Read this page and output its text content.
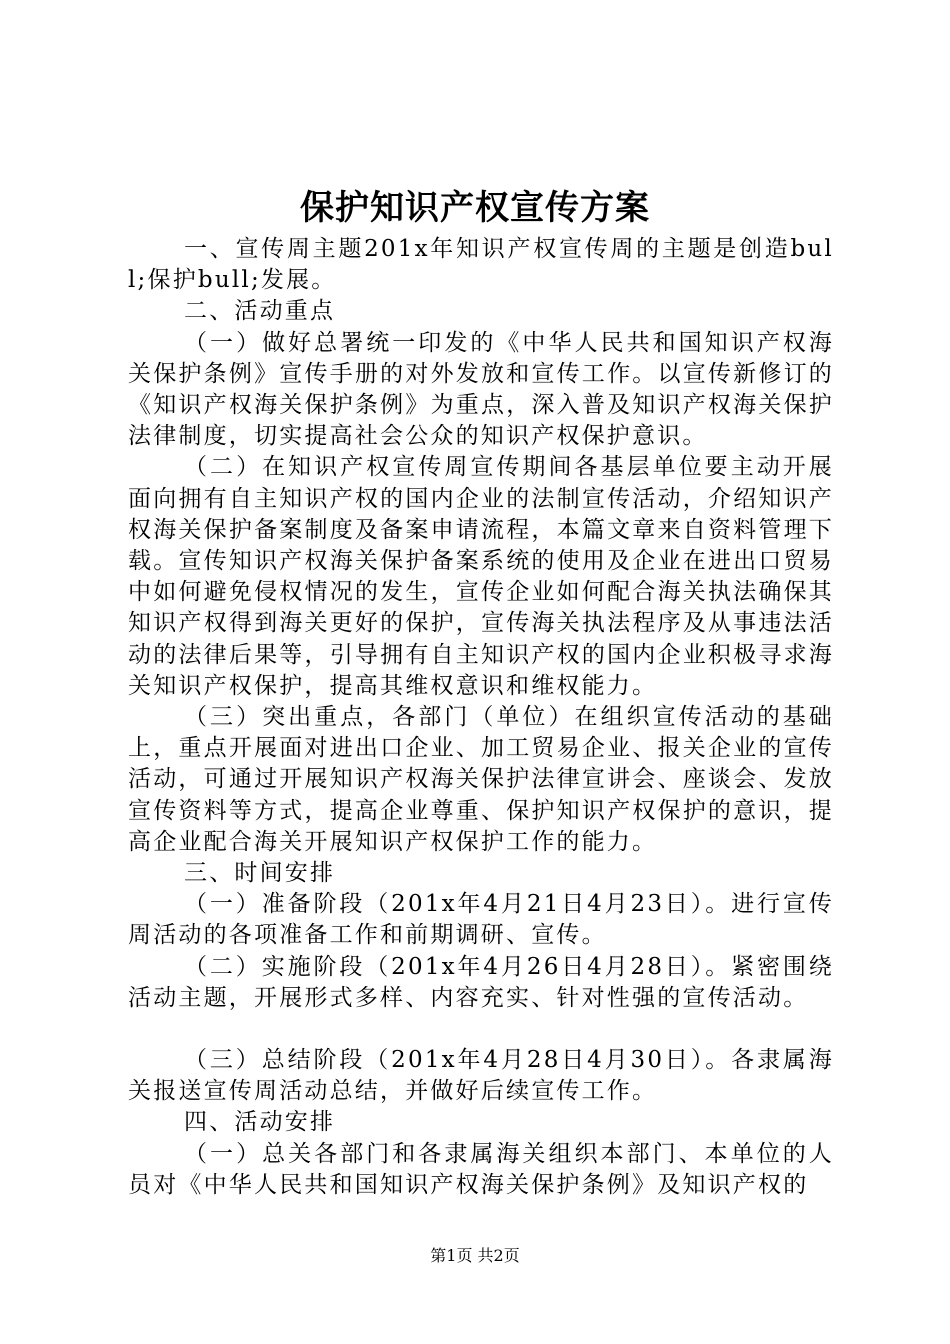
保护知识产权宣传方案

一、宣传周主题201x年知识产权宣传周的主题是创造bull;保护bull;发展。

二、活动重点

（一）做好总署统一印发的《中华人民共和国知识产权海关保护条例》宣传手册的对外发放和宣传工作。以宣传新修订的《知识产权海关保护条例》为重点，深入普及知识产权海关保护法律制度，切实提高社会公众的知识产权保护意识。

（二）在知识产权宣传周宣传期间各基层单位要主动开展面向拥有自主知识产权的国内企业的法制宣传活动，介绍知识产权海关保护备案制度及备案申请流程，本篇文章来自资料管理下载。宣传知识产权海关保护备案系统的使用及企业在进出口贸易中如何避免侵权情况的发生，宣传企业如何配合海关执法确保其知识产权得到海关更好的保护，宣传海关执法程序及从事违法活动的法律后果等，引导拥有自主知识产权的国内企业积极寻求海关知识产权保护，提高其维权意识和维权能力。

（三）突出重点，各部门（单位）在组织宣传活动的基础上，重点开展面对进出口企业、加工贸易企业、报关企业的宣传活动，可通过开展知识产权海关保护法律宣讲会、座谈会、发放宣传资料等方式，提高企业尊重、保护知识产权保护的意识，提高企业配合海关开展知识产权保护工作的能力。

三、时间安排

（一）准备阶段（201x年4月21日4月23日）。进行宣传周活动的各项准备工作和前期调研、宣传。

（二）实施阶段（201x年4月26日4月28日）。紧密围绕活动主题，开展形式多样、内容充实、针对性强的宣传活动。

（三）总结阶段（201x年4月28日4月30日）。各隶属海关报送宣传周活动总结，并做好后续宣传工作。

四、活动安排

（一）总关各部门和各隶属海关组织本部门、本单位的人员对《中华人民共和国知识产权海关保护条例》及知识产权的

第1页 共2页
